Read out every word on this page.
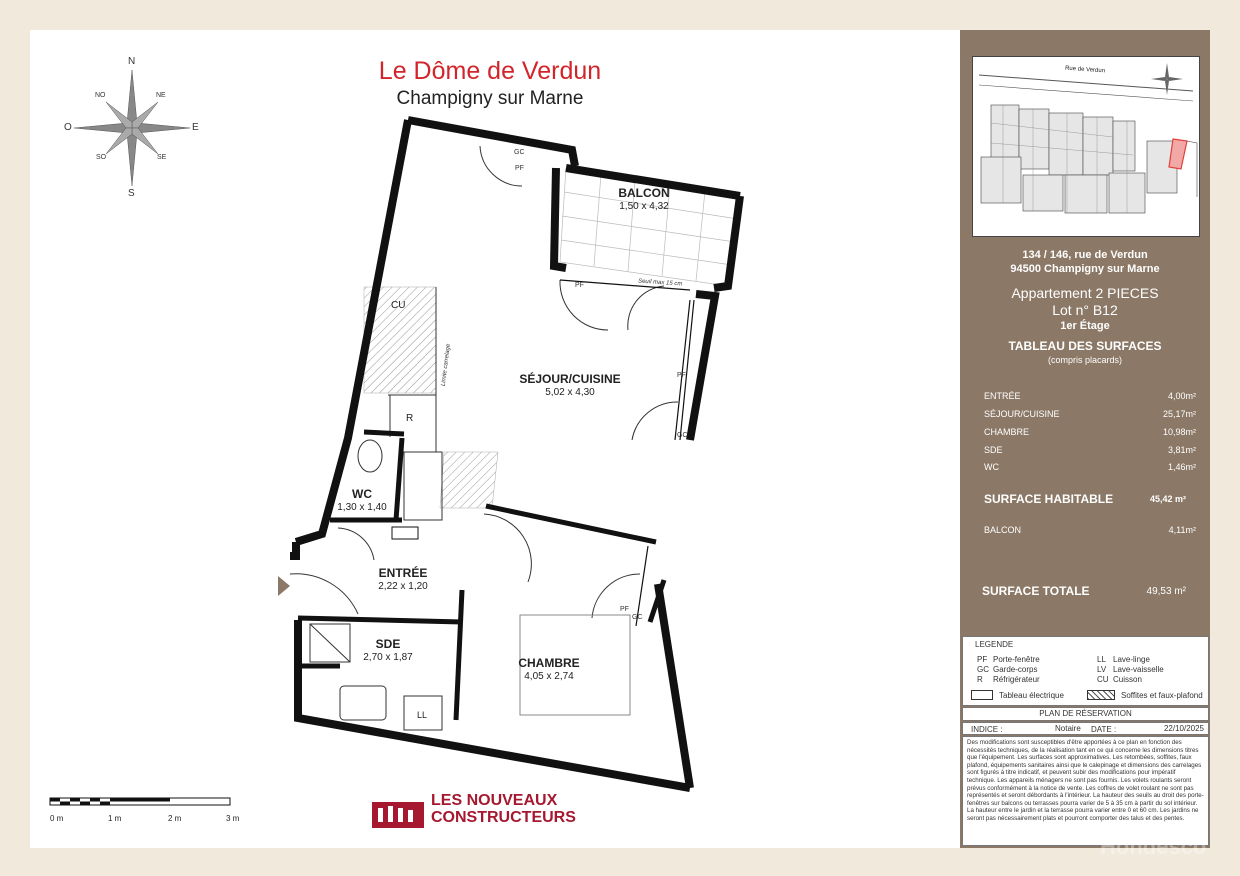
N
S
E
O
NO	NE
SO	SE
Le Dôme de Verdun
Champigny sur Marne
BALCON
1,50 x 4,32
SÉJOUR/CUISINE
5,02 x 4,30
WC
1,30 x 1,40
ENTRÉE
2,22 x 1,20
SDE
2,70 x 1,87	CHAMBRE
4,05 x 2,74
PF
GC
PF
PF
GC
PF
GC
CU
R
LL
Seuil max 15 cm
Limite carrelage
0 m	1 m	2 m	3 m
LES NOUVEAUX
CONSTRUCTEURS
Rue de Verdun
134 / 146, rue de Verdun
94500 Champigny sur Marne
Appartement 2 PIECES
Lot n° B12
1er Étage
TABLEAU DES SURFACES
(compris placards)
ENTRÉE	4,00m²
SÉJOUR/CUISINE	25,17m²
CHAMBRE	10,98m²
SDE	3,81m²
WC	1,46m²
SURFACE HABITABLE	45,42 m²
BALCON	4,11m²
SURFACE TOTALE	49,53 m²
LEGENDE
PF Porte-fenêtre
GC Garde-corps
R Réfrigérateur
LL Lave-linge
LV Lave-vaisselle
CU Cuisson
Tableau électrique	Soffites et faux-plafond
PLAN DE RÉSERVATION
INDICE :	Notaire DATE :	22/10/2025
Des modifications sont susceptibles d'être apportées à ce plan en fonction des nécessités techniques, de la réalisation tant en ce qui concerne les dimensions titres que l'équipement. Les surfaces sont approximatives. Les retombées, soffites, faux plafond, équipements sanitaires ainsi que le calepinage et dimensions des carrelages sont figurés à titre indicatif, et peuvent subir des modifications pour impératif technique. Les appareils ménagers ne sont pas fournis. Les volets roulants seront prévus conformément à la notice de vente. Les coffres de volet roulant ne sont pas représentés et seront débordants à l'intérieur. La hauteur des seuils au droit des porte-fenêtres sur balcons ou terrasses pourra varier de 5 à 35 cm à partir du sol intérieur. La hauteur entre le jardin et la terrasse pourra varier entre 0 et 60 cm. Les jardins ne seront pas nécessairement plats et pourront comporter des talus et des pentes.
Hondesco
